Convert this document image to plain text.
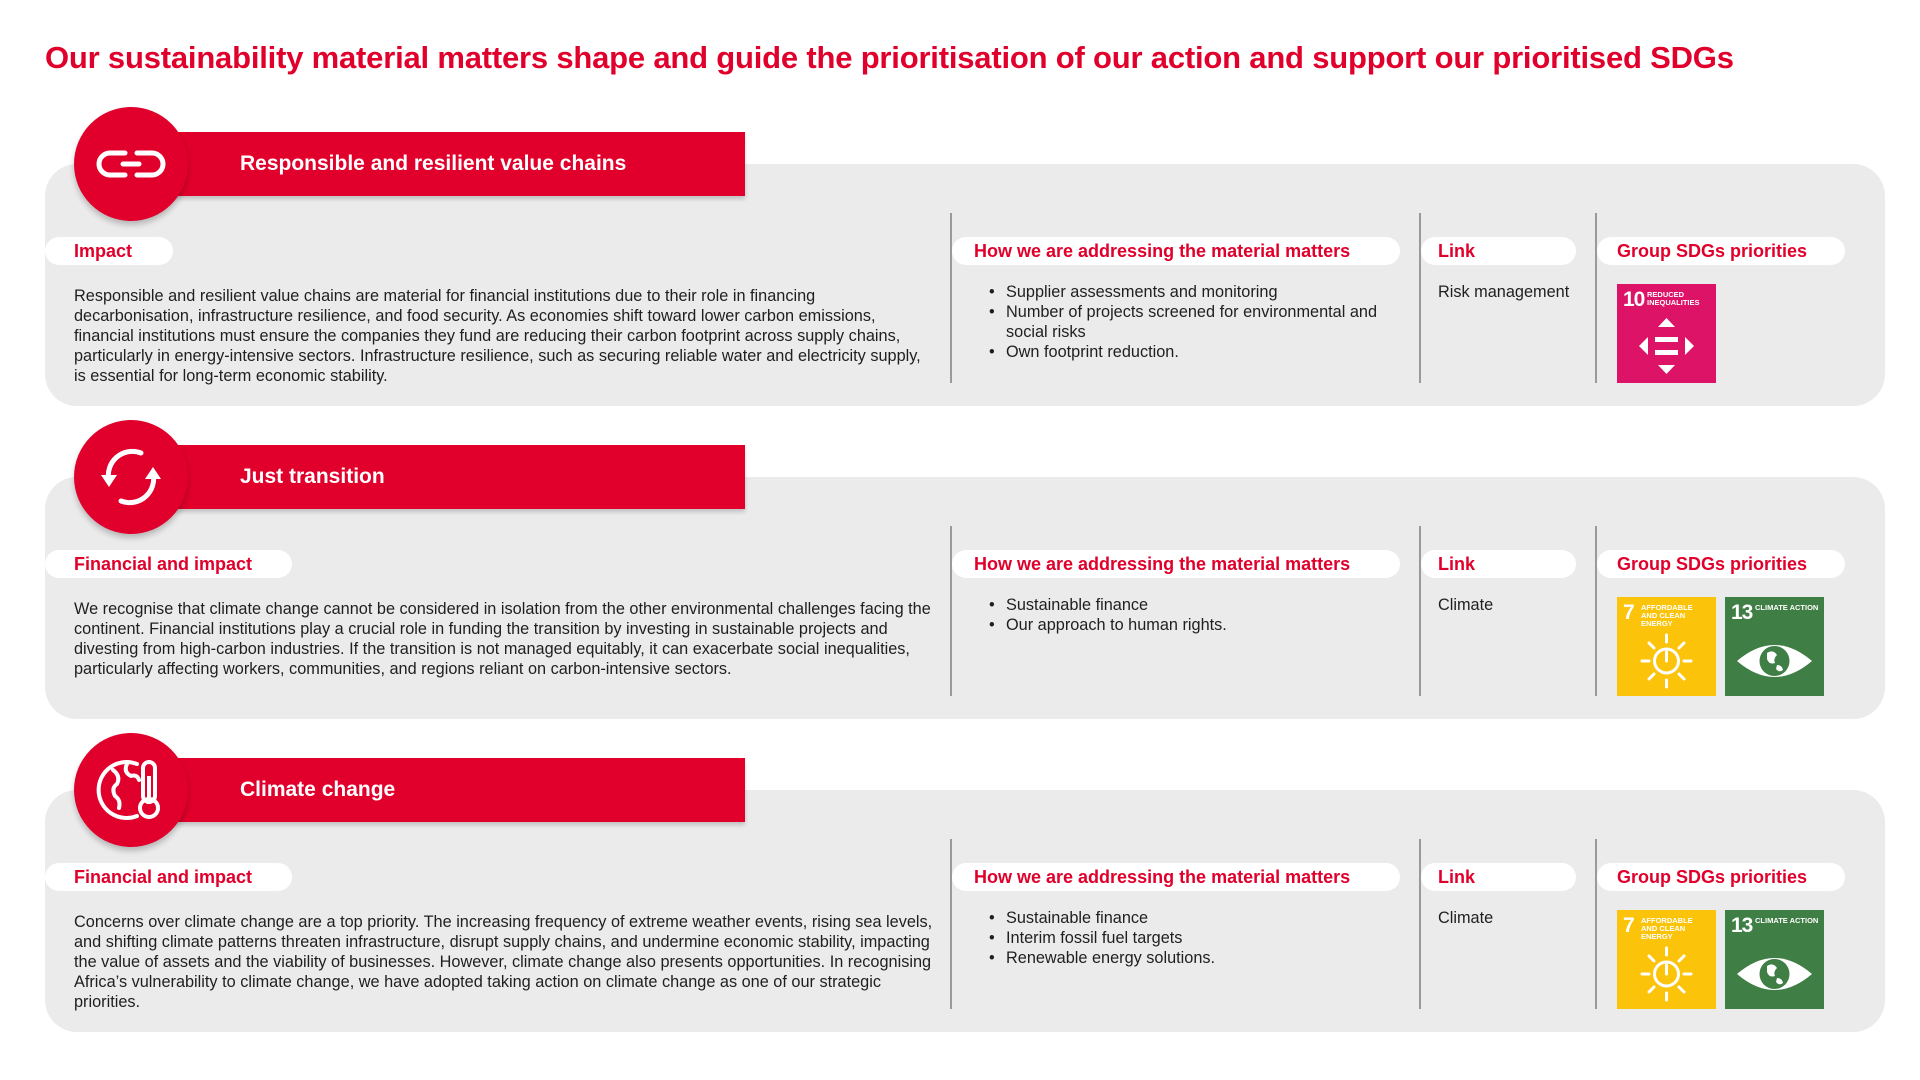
Our sustainability material matters shape and guide the prioritisation of our action and support our prioritised SDGs
Responsible and resilient value chains
Impact
Responsible and resilient value chains are material for financial institutions due to their role in financing decarbonisation, infrastructure resilience, and food security. As economies shift toward lower carbon emissions, financial institutions must ensure the companies they fund are reducing their carbon footprint across supply chains, particularly in energy-intensive sectors. Infrastructure resilience, such as securing reliable water and electricity supply, is essential for long-term economic stability.
How we are addressing the material matters
• Supplier assessments and monitoring
• Number of projects screened for environmental and social risks
• Own footprint reduction.
Link
Risk management
Group SDGs priorities
10 REDUCED INEQUALITIES
Just transition
Financial and impact
We recognise that climate change cannot be considered in isolation from the other environmental challenges facing the continent. Financial institutions play a crucial role in funding the transition by investing in sustainable projects and divesting from high-carbon industries. If the transition is not managed equitably, it can exacerbate social inequalities, particularly affecting workers, communities, and regions reliant on carbon-intensive sectors.
How we are addressing the material matters
• Sustainable finance
• Our approach to human rights.
Link
Climate
Group SDGs priorities
7 AFFORDABLE AND CLEAN ENERGY	13 CLIMATE ACTION
Climate change
Financial and impact
Concerns over climate change are a top priority. The increasing frequency of extreme weather events, rising sea levels, and shifting climate patterns threaten infrastructure, disrupt supply chains, and undermine economic stability, impacting the value of assets and the viability of businesses. However, climate change also presents opportunities. In recognising Africa’s vulnerability to climate change, we have adopted taking action on climate change as one of our strategic priorities.
How we are addressing the material matters
• Sustainable finance
• Interim fossil fuel targets
• Renewable energy solutions.
Link
Climate
Group SDGs priorities
7 AFFORDABLE AND CLEAN ENERGY	13 CLIMATE ACTION
